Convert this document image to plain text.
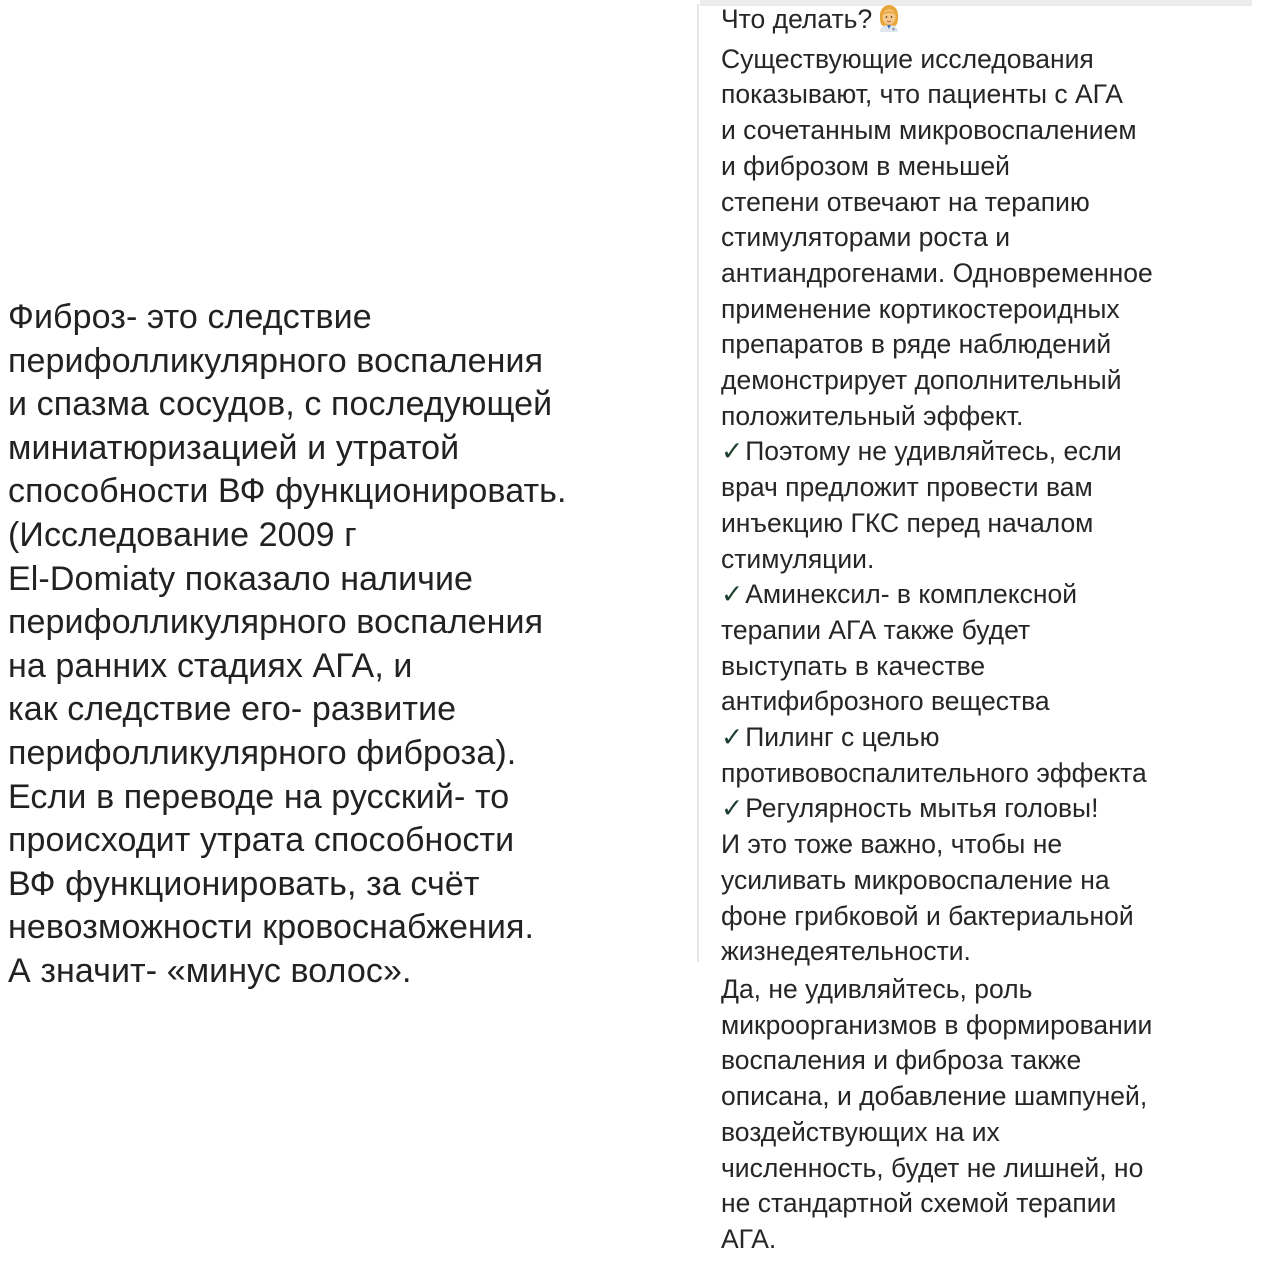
Фиброз- это следствие
перифолликулярного воспаления
и спазма сосудов, с последующей
миниатюризацией и утратой
способности ВФ функционировать.
(Исследование 2009 г
El-Domiaty показало наличие
перифолликулярного воспаления
на ранних стадиях АГА, и
как следствие его- развитие
перифолликулярного фиброза).
Если в переводе на русский- то
происходит утрата способности
ВФ функционировать, за счёт
невозможности кровоснабжения.
А значит- «минус волос».
Что делать?
Существующие исследования
показывают, что пациенты с АГА
и сочетанным микровоспалением
и фиброзом в меньшей
степени отвечают на терапию
стимуляторами роста и
антиандрогенами. Одновременное
применение кортикостероидных
препаратов в ряде наблюдений
демонстрирует дополнительный
положительный эффект.
✓Поэтому не удивляйтесь, если
врач предложит провести вам
инъекцию ГКС перед началом
стимуляции.
✓Аминексил- в комплексной
терапии АГА также будет
выступать в качестве
антифиброзного вещества
✓Пилинг с целью
противовоспалительного эффекта
✓Регулярность мытья головы!
И это тоже важно, чтобы не
усиливать микровоспаление на
фоне грибковой и бактериальной
жизнедеятельности.
Да, не удивляйтесь, роль
микроорганизмов в формировании
воспаления и фиброза также
описана, и добавление шампуней,
воздействующих на их
численность, будет не лишней, но
не стандартной схемой терапии
АГА.
